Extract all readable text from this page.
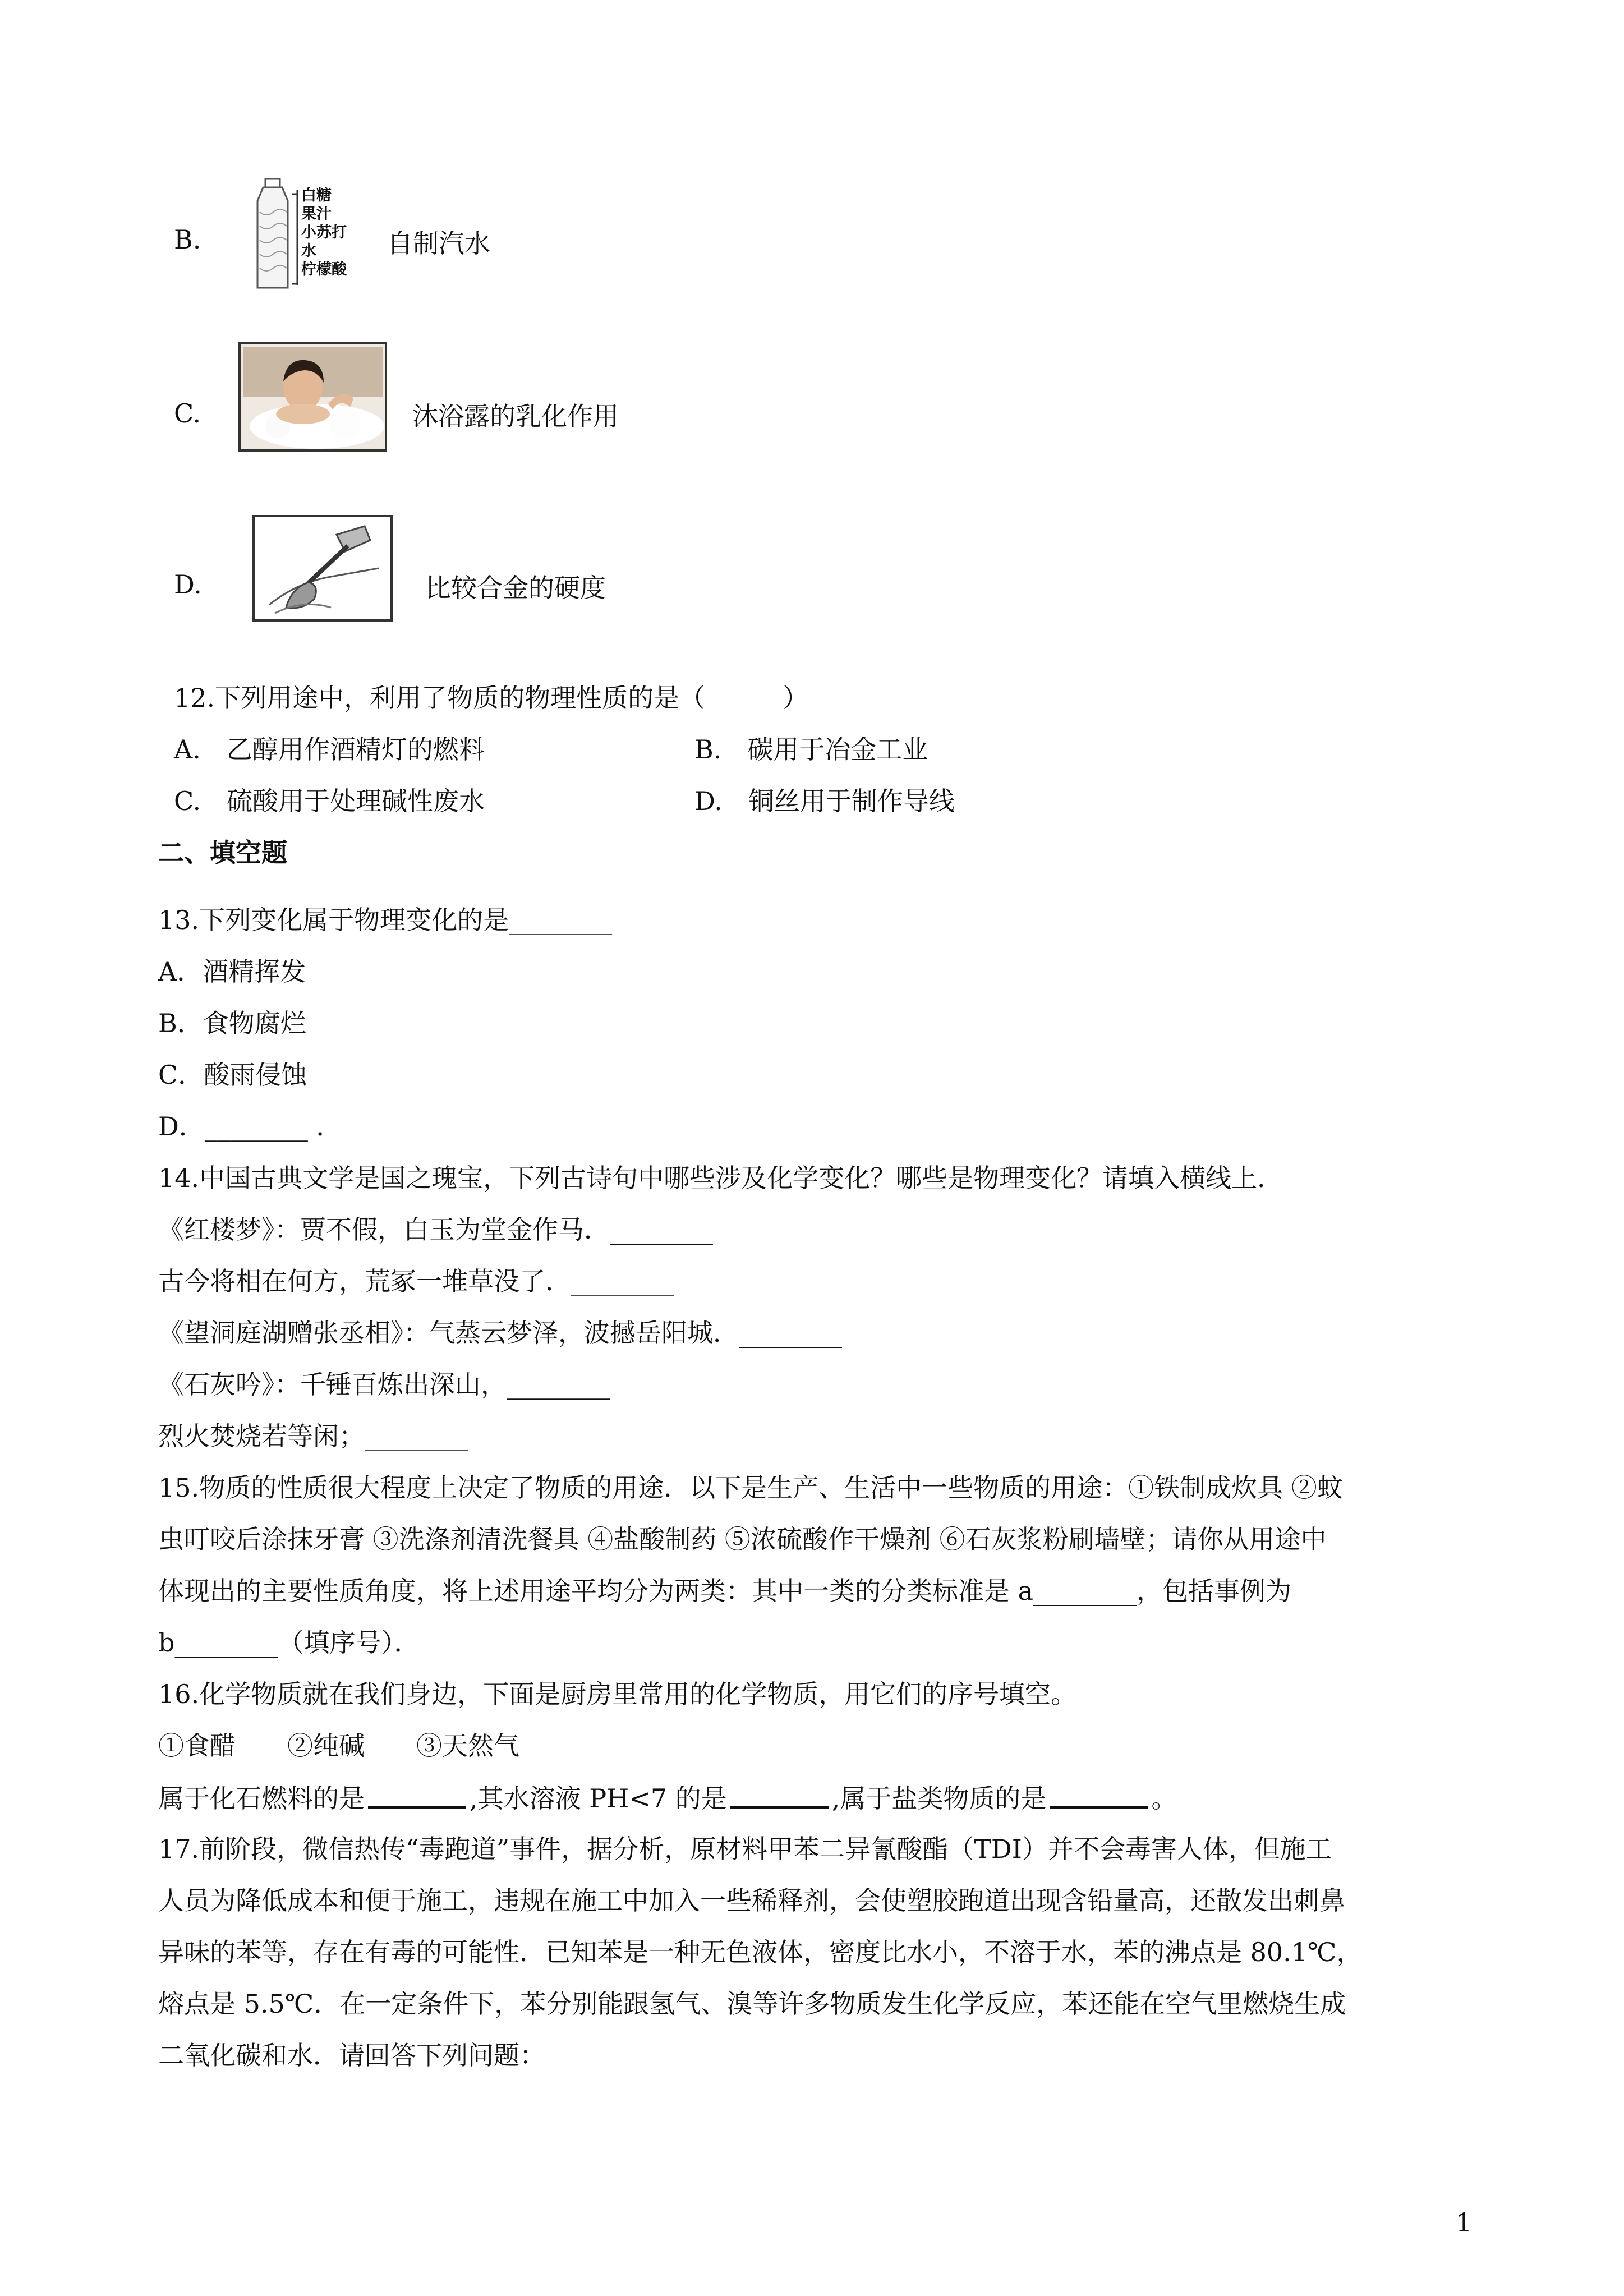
B.
白糖
果汁
小苏打
水
柠檬酸
自制汽水
C.	沐浴露的乳化作用
D.	比较合金的硬度
12.下列用途中，利用了物质的物理性质的是（　　　）
A.　乙醇用作酒精灯的燃料	B.　碳用于冶金工业
C.　硫酸用于处理碱性废水	D.　铜丝用于制作导线
二、填空题
13.下列变化属于物理变化的是________
A．酒精挥发
B．食物腐烂
C．酸雨侵蚀
D．________ ．
14.中国古典文学是国之瑰宝，下列古诗句中哪些涉及化学变化？哪些是物理变化？请填入横线上．
《红楼梦》：贾不假，白玉为堂金作马．________
古今将相在何方，荒冢一堆草没了．________
《望洞庭湖赠张丞相》：气蒸云梦泽，波撼岳阳城．________
《石灰吟》：千锤百炼出深山，________
烈火焚烧若等闲；________
15.物质的性质很大程度上决定了物质的用途．以下是生产、生活中一些物质的用途：①铁制成炊具 ②蚊
虫叮咬后涂抹牙膏 ③洗涤剂清洗餐具 ④盐酸制药 ⑤浓硫酸作干燥剂 ⑥石灰浆粉刷墙壁；请你从用途中
体现出的主要性质角度，将上述用途平均分为两类：其中一类的分类标准是 a________，包括事例为
b________（填序号）．
16.化学物质就在我们身边，下面是厨房里常用的化学物质，用它们的序号填空。
①食醋　　②纯碱　　③天然气
属于化石燃料的是	,其水溶液 PH<7 的是	,属于盐类物质的是	。
17.前阶段，微信热传“毒跑道”事件，据分析，原材料甲苯二异氰酸酯（TDI）并不会毒害人体，但施工
人员为降低成本和便于施工，违规在施工中加入一些稀释剂，会使塑胶跑道出现含铅量高，还散发出刺鼻
异味的苯等，存在有毒的可能性．已知苯是一种无色液体，密度比水小，不溶于水，苯的沸点是 80.1℃，
熔点是 5.5℃．在一定条件下，苯分别能跟氢气、溴等许多物质发生化学反应，苯还能在空气里燃烧生成
二氧化碳和水．请回答下列问题：
1
